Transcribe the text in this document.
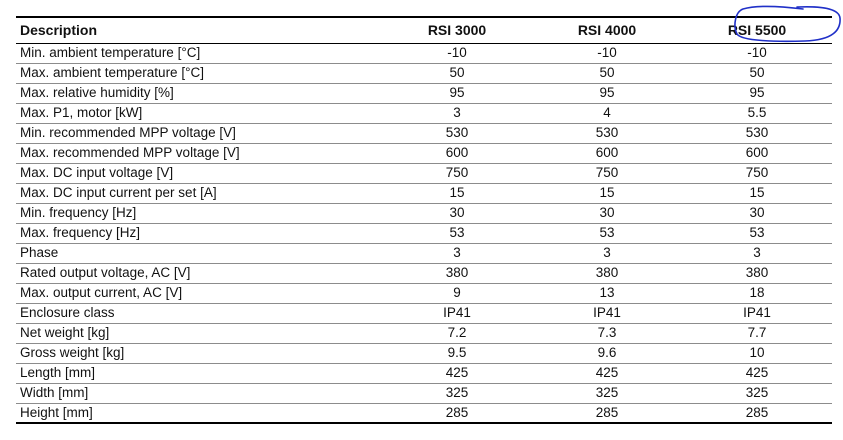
Description	RSI 3000	RSI 4000	RSI 5500
Min. ambient temperature [°C]	-10	-10	-10
Max. ambient temperature [°C]	50	50	50
Max. relative humidity [%]	95	95	95
Max. P1, motor [kW]	3	4	5.5
Min. recommended MPP voltage [V]	530	530	530
Max. recommended MPP voltage [V]	600	600	600
Max. DC input voltage [V]	750	750	750
Max. DC input current per set [A]	15	15	15
Min. frequency [Hz]	30	30	30
Max. frequency [Hz]	53	53	53
Phase	3	3	3
Rated output voltage, AC [V]	380	380	380
Max. output current, AC [V]	9	13	18
Enclosure class	IP41	IP41	IP41
Net weight [kg]	7.2	7.3	7.7
Gross weight [kg]	9.5	9.6	10
Length [mm]	425	425	425
Width [mm]	325	325	325
Height [mm]	285	285	285
